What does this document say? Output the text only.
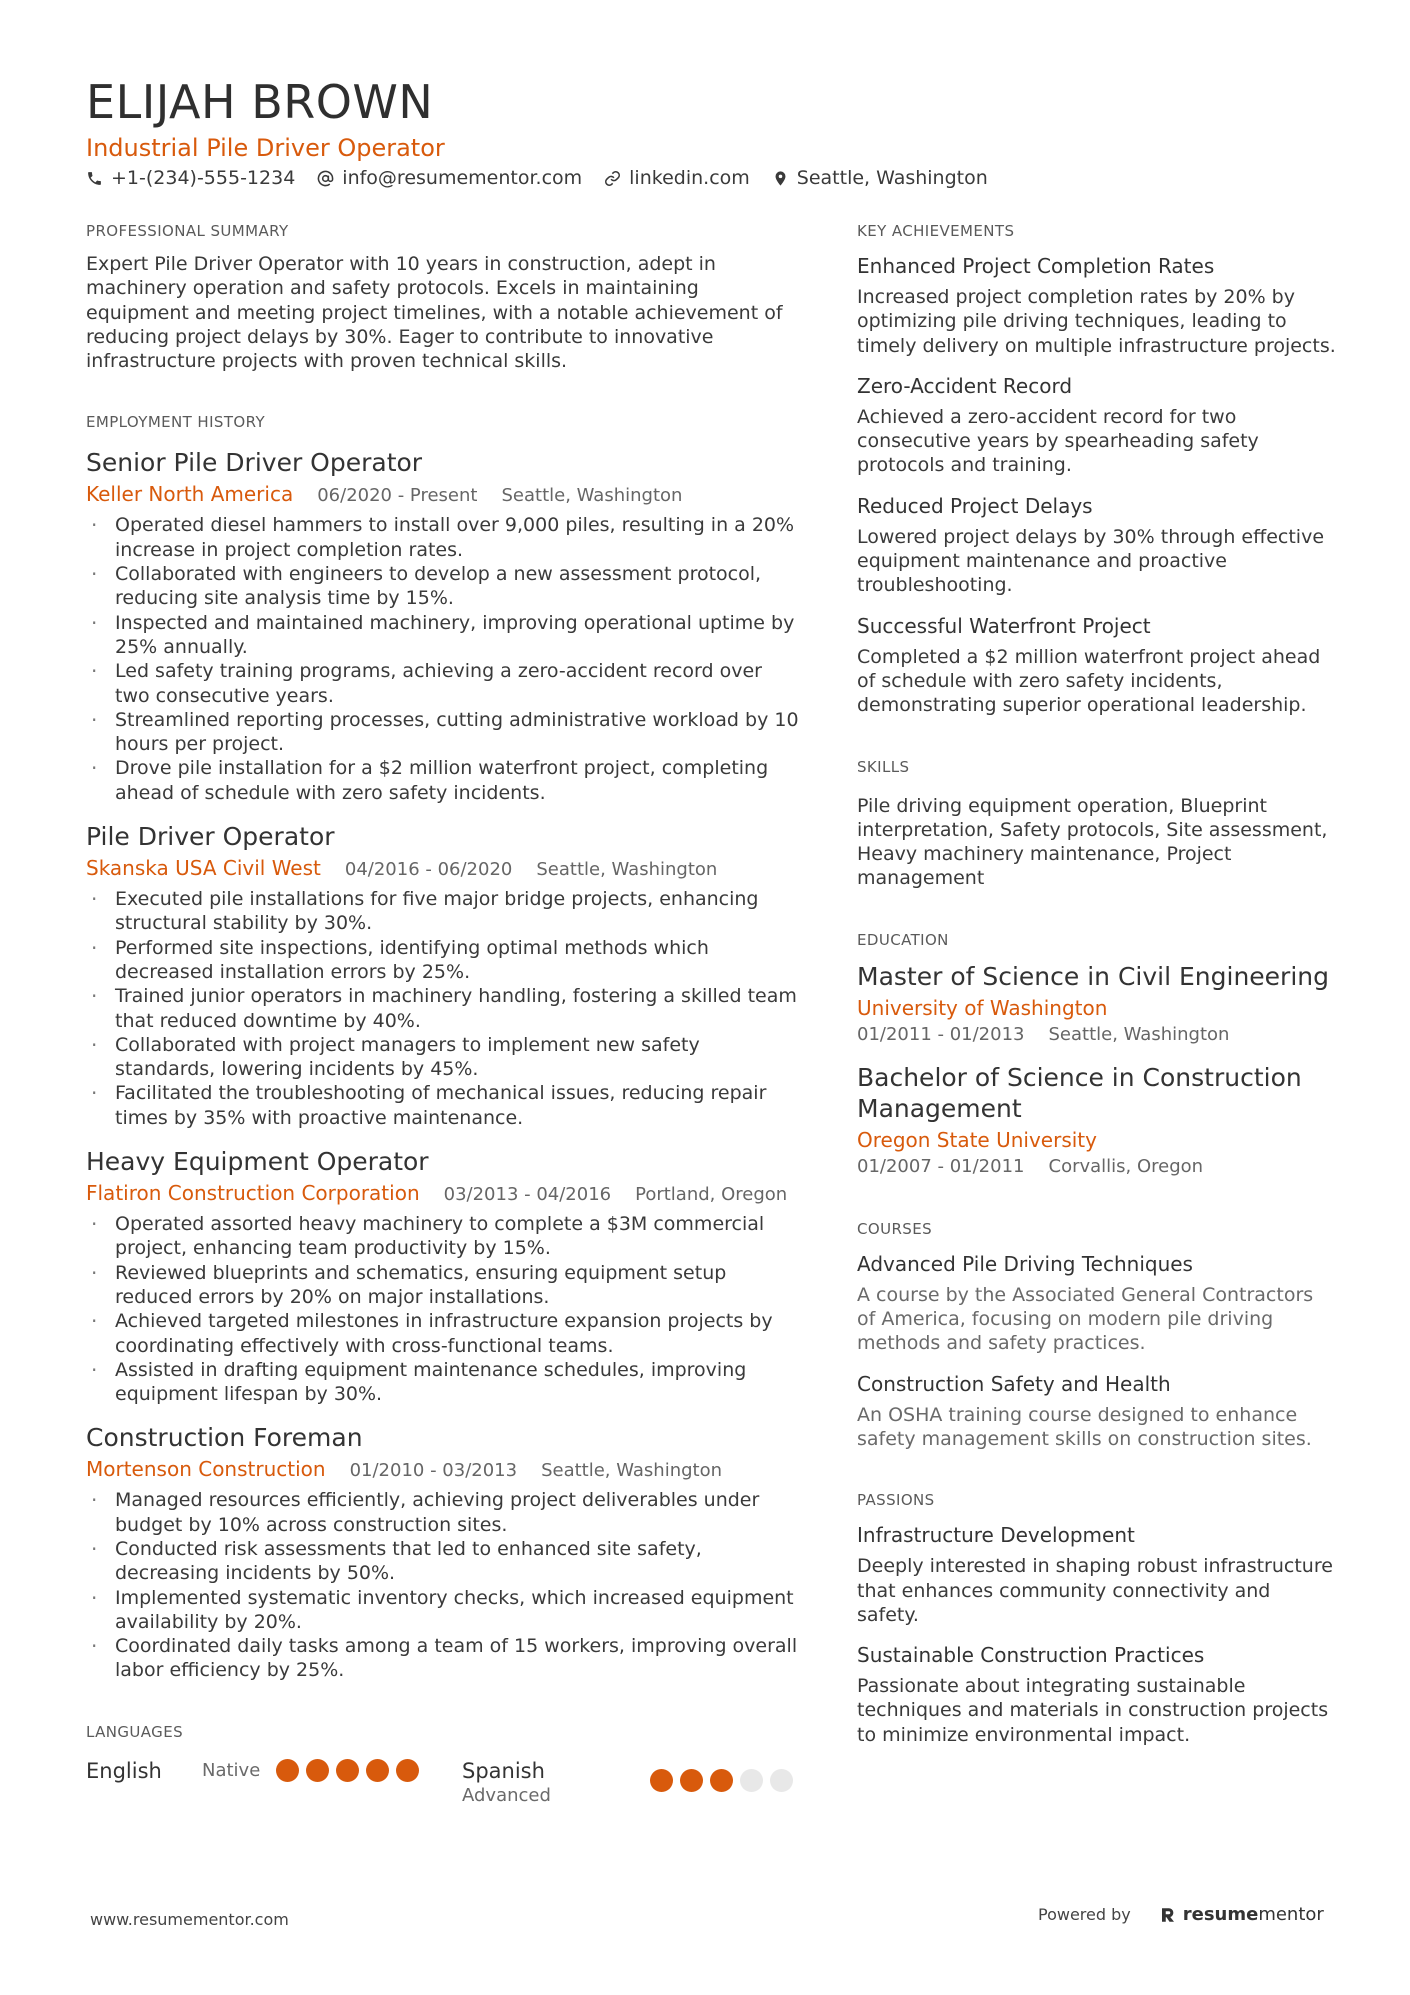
ELIJAH BROWN
Industrial Pile Driver Operator
+1-(234)-555-1234 info@resumementor.com linkedin.com Seattle, Washington
PROFESSIONAL SUMMARY
Expert Pile Driver Operator with 10 years in construction, adept in machinery operation and safety protocols. Excels in maintaining equipment and meeting project timelines, with a notable achievement of reducing project delays by 30%. Eager to contribute to innovative infrastructure projects with proven technical skills.
EMPLOYMENT HISTORY
Senior Pile Driver Operator
Keller North America 06/2020 - Present Seattle, Washington
· Operated diesel hammers to install over 9,000 piles, resulting in a 20% increase in project completion rates.
· Collaborated with engineers to develop a new assessment protocol, reducing site analysis time by 15%.
· Inspected and maintained machinery, improving operational uptime by 25% annually.
· Led safety training programs, achieving a zero-accident record over two consecutive years.
· Streamlined reporting processes, cutting administrative workload by 10 hours per project.
· Drove pile installation for a $2 million waterfront project, completing ahead of schedule with zero safety incidents.
Pile Driver Operator
Skanska USA Civil West 04/2016 - 06/2020 Seattle, Washington
· Executed pile installations for five major bridge projects, enhancing structural stability by 30%.
· Performed site inspections, identifying optimal methods which decreased installation errors by 25%.
· Trained junior operators in machinery handling, fostering a skilled team that reduced downtime by 40%.
· Collaborated with project managers to implement new safety standards, lowering incidents by 45%.
· Facilitated the troubleshooting of mechanical issues, reducing repair times by 35% with proactive maintenance.
Heavy Equipment Operator
Flatiron Construction Corporation 03/2013 - 04/2016 Portland, Oregon
· Operated assorted heavy machinery to complete a $3M commercial project, enhancing team productivity by 15%.
· Reviewed blueprints and schematics, ensuring equipment setup reduced errors by 20% on major installations.
· Achieved targeted milestones in infrastructure expansion projects by coordinating effectively with cross-functional teams.
· Assisted in drafting equipment maintenance schedules, improving equipment lifespan by 30%.
Construction Foreman
Mortenson Construction 01/2010 - 03/2013 Seattle, Washington
· Managed resources efficiently, achieving project deliverables under budget by 10% across construction sites.
· Conducted risk assessments that led to enhanced site safety, decreasing incidents by 50%.
· Implemented systematic inventory checks, which increased equipment availability by 20%.
· Coordinated daily tasks among a team of 15 workers, improving overall labor efficiency by 25%.
LANGUAGES
English	Native	Spanish
Advanced
KEY ACHIEVEMENTS
Enhanced Project Completion Rates
Increased project completion rates by 20% by optimizing pile driving techniques, leading to timely delivery on multiple infrastructure projects.
Zero-Accident Record
Achieved a zero-accident record for two consecutive years by spearheading safety protocols and training.
Reduced Project Delays
Lowered project delays by 30% through effective equipment maintenance and proactive troubleshooting.
Successful Waterfront Project
Completed a $2 million waterfront project ahead of schedule with zero safety incidents, demonstrating superior operational leadership.
SKILLS
Pile driving equipment operation, Blueprint interpretation, Safety protocols, Site assessment, Heavy machinery maintenance, Project management
EDUCATION
Master of Science in Civil Engineering
University of Washington
01/2011 - 01/2013 Seattle, Washington
Bachelor of Science in Construction Management
Oregon State University
01/2007 - 01/2011 Corvallis, Oregon
COURSES
Advanced Pile Driving Techniques
A course by the Associated General Contractors of America, focusing on modern pile driving methods and safety practices.
Construction Safety and Health
An OSHA training course designed to enhance safety management skills on construction sites.
PASSIONS
Infrastructure Development
Deeply interested in shaping robust infrastructure that enhances community connectivity and safety.
Sustainable Construction Practices
Passionate about integrating sustainable techniques and materials in construction projects to minimize environmental impact.
www.resumementor.com	Powered by	resume mentor
